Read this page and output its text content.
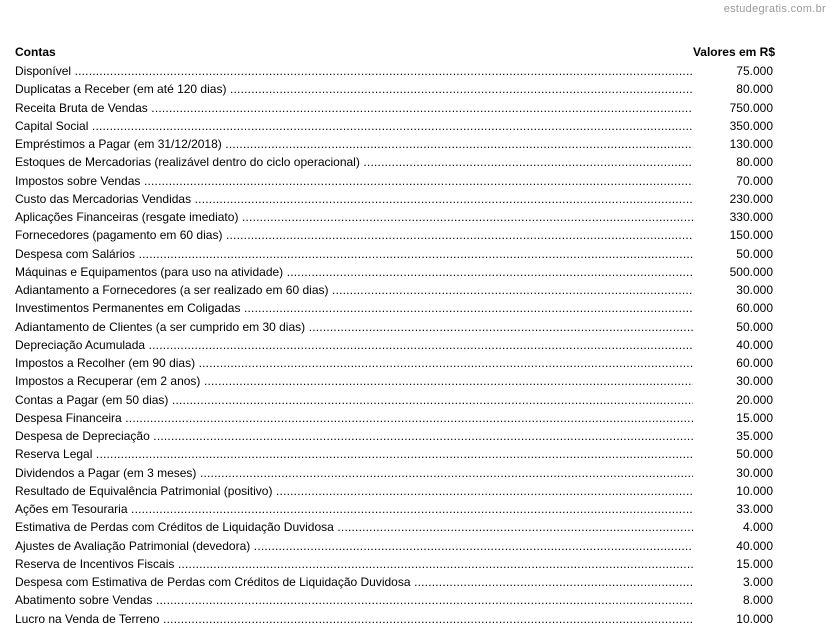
estudegratis.com.br
Contas	Valores em R$
Disponível .....	75.000
Duplicatas a Receber (em até 120 dias) .....	80.000
Receita Bruta de Vendas .....	750.000
Capital Social .....	350.000
Empréstimos a Pagar (em 31/12/2018) .....	130.000
Estoques de Mercadorias (realizável dentro do ciclo operacional) .....	80.000
Impostos sobre Vendas .....	70.000
Custo das Mercadorias Vendidas .....	230.000
Aplicações Financeiras (resgate imediato) .....	330.000
Fornecedores (pagamento em 60 dias) .....	150.000
Despesa com Salários .....	50.000
Máquinas e Equipamentos (para uso na atividade) .....	500.000
Adiantamento a Fornecedores (a ser realizado em 60 dias) .....	30.000
Investimentos Permanentes em Coligadas .....	60.000
Adiantamento de Clientes (a ser cumprido em 30 dias) .....	50.000
Depreciação Acumulada .....	40.000
Impostos a Recolher (em 90 dias) .....	60.000
Impostos a Recuperar (em 2 anos) .....	30.000
Contas a Pagar (em 50 dias) .....	20.000
Despesa Financeira .....	15.000
Despesa de Depreciação .....	35.000
Reserva Legal .....	50.000
Dividendos a Pagar (em 3 meses) .....	30.000
Resultado de Equivalência Patrimonial (positivo) .....	10.000
Ações em Tesouraria .....	33.000
Estimativa de Perdas com Créditos de Liquidação Duvidosa .....	4.000
Ajustes de Avaliação Patrimonial (devedora) .....	40.000
Reserva de Incentivos Fiscais .....	15.000
Despesa com Estimativa de Perdas com Créditos de Liquidação Duvidosa .....	3.000
Abatimento sobre Vendas .....	8.000
Lucro na Venda de Terreno .....	10.000
